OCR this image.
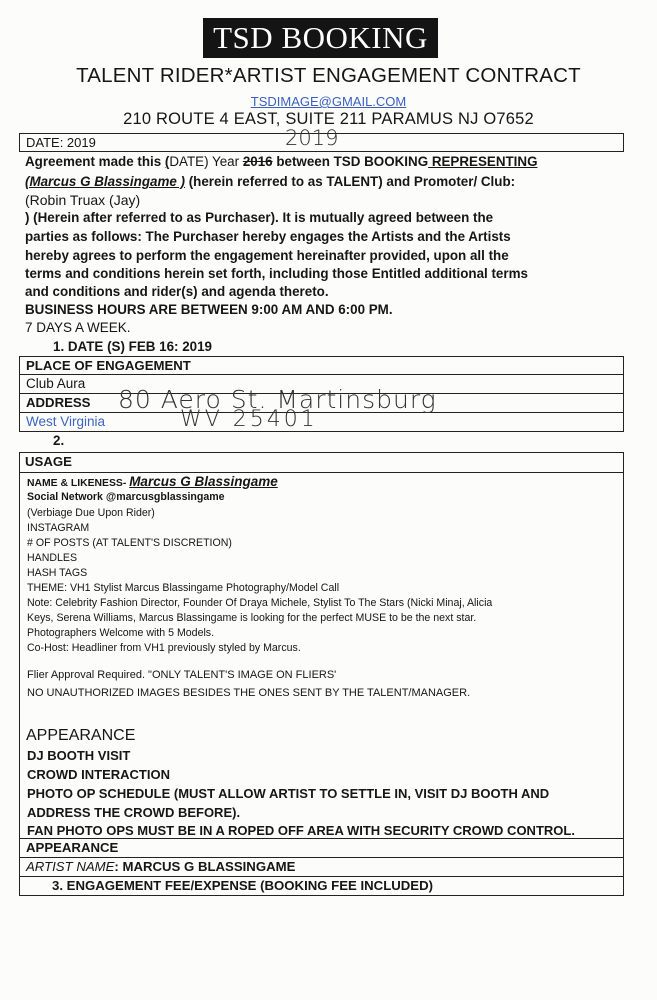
TSD BOOKING
TALENT RIDER*ARTIST ENGAGEMENT CONTRACT
TSDIMAGE@GMAIL.COM
210 ROUTE 4 EAST, SUITE 211 PARAMUS NJ O7652
DATE: 2019	2019
Agreement made this (DATE) Year 2016 between TSD BOOKING REPRESENTING
(Marcus G Blassingame ) (herein referred to as TALENT) and Promoter/ Club:
(Robin Truax (Jay)
) (Herein after referred to as Purchaser). It is mutually agreed between the
parties as follows: The Purchaser hereby engages the Artists and the Artists
hereby agrees to perform the engagement hereinafter provided, upon all the
terms and conditions herein set forth, including those Entitled additional terms
and conditions and rider(s) and agenda thereto.
BUSINESS HOURS ARE BETWEEN 9:00 AM AND 6:00 PM.
7 DAYS A WEEK.
1. DATE (S) FEB 16: 2019
PLACE OF ENGAGEMENT
Club Aura
ADDRESS 80 Aero St. Martinsburg
West Virginia	WV 25401
2.
USAGE
NAME & LIKENESS- Marcus G Blassingame
Social Network @marcusgblassingame
(Verbiage Due Upon Rider)
INSTAGRAM
# OF POSTS (AT TALENT'S DISCRETION)
HANDLES
HASH TAGS
THEME: VH1 Stylist Marcus Blassingame Photography/Model Call
Note: Celebrity Fashion Director, Founder Of Draya Michele, Stylist To The Stars (Nicki Minaj, Alicia
Keys, Serena Williams, Marcus Blassingame is looking for the perfect MUSE to be the next star.
Photographers Welcome with 5 Models.
Co-Host: Headliner from VH1 previously styled by Marcus.
Flier Approval Required. "ONLY TALENT'S IMAGE ON FLIERS'
NO UNAUTHORIZED IMAGES BESIDES THE ONES SENT BY THE TALENT/MANAGER.
APPEARANCE
DJ BOOTH VISIT
CROWD INTERACTION
PHOTO OP SCHEDULE (MUST ALLOW ARTIST TO SETTLE IN, VISIT DJ BOOTH AND
ADDRESS THE CROWD BEFORE).
FAN PHOTO OPS MUST BE IN A ROPED OFF AREA WITH SECURITY CROWD CONTROL.
APPEARANCE
ARTIST NAME: MARCUS G BLASSINGAME
3. ENGAGEMENT FEE/EXPENSE (BOOKING FEE INCLUDED)
